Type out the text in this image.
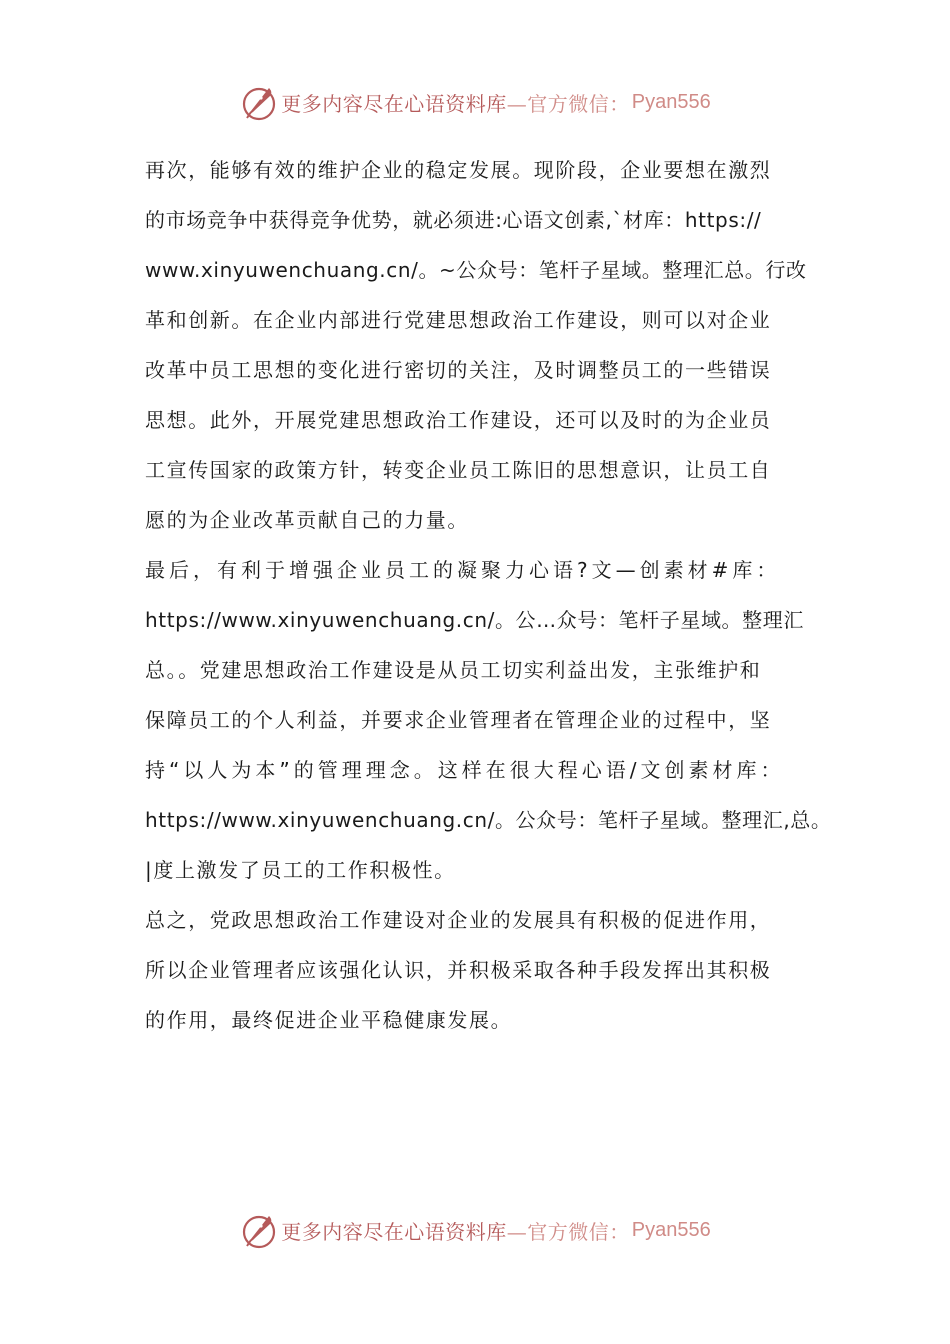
更多内容尽在心语资料库 —官方微信： Pyan556
再次，能够有效的维护企业的稳定发展。现阶段，企业要想在激烈
的市场竞争中获得竞争优势，就必须进:心语文创素,`材库：https://
www.xinyuwenchuang.cn/。~公众号：笔杆子星域。整理汇总。行改
革和创新。在企业内部进行党建思想政治工作建设，则可以对企业
改革中员工思想的变化进行密切的关注，及时调整员工的一些错误
思想。此外，开展党建思想政治工作建设，还可以及时的为企业员
工宣传国家的政策方针，转变企业员工陈旧的思想意识，让员工自
愿的为企业改革贡献自己的力量。
最后，有利于增强企业员工的凝聚力心语?文—创素材#库：
https://www.xinyuwenchuang.cn/。公…众号：笔杆子星域。整理汇
总。。党建思想政治工作建设是从员工切实利益出发，主张维护和
保障员工的个人利益，并要求企业管理者在管理企业的过程中，坚
持“以人为本”的管理理念。这样在很大程心语/文创素材库：
https://www.xinyuwenchuang.cn/。公众号：笔杆子星域。整理汇,总。
|度上激发了员工的工作积极性。
总之，党政思想政治工作建设对企业的发展具有积极的促进作用，
所以企业管理者应该强化认识，并积极采取各种手段发挥出其积极
的作用，最终促进企业平稳健康发展。
更多内容尽在心语资料库 —官方微信： Pyan556
